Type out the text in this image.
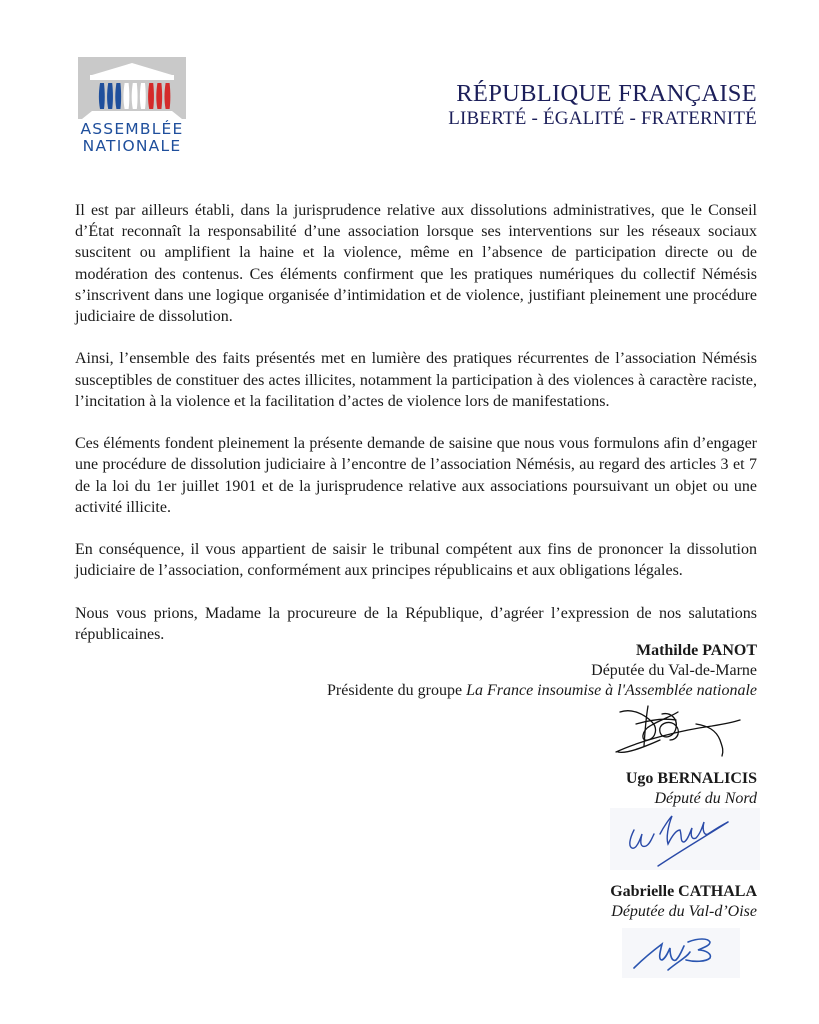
ASSEMBLÉE
NATIONALE
RÉPUBLIQUE FRANÇAISE
LIBERTÉ - ÉGALITÉ - FRATERNITÉ

Il est par ailleurs établi, dans la jurisprudence relative aux dissolutions administratives, que le Conseil d’État reconnaît la responsabilité d’une association lorsque ses interventions sur les réseaux sociaux suscitent ou amplifient la haine et la violence, même en l’absence de participation directe ou de modération des contenus. Ces éléments confirment que les pratiques numériques du collectif Némésis s’inscrivent dans une logique organisée d’intimidation et de violence, justifiant pleinement une procédure judiciaire de dissolution.

Ainsi, l’ensemble des faits présentés met en lumière des pratiques récurrentes de l’association Némésis susceptibles de constituer des actes illicites, notamment la participation à des violences à caractère raciste, l’incitation à la violence et la facilitation d’actes de violence lors de manifestations.

Ces éléments fondent pleinement la présente demande de saisine que nous vous formulons afin d’engager une procédure de dissolution judiciaire à l’encontre de l’association Némésis, au regard des articles 3 et 7 de la loi du 1er juillet 1901 et de la jurisprudence relative aux associations poursuivant un objet ou une activité illicite.

En conséquence, il vous appartient de saisir le tribunal compétent aux fins de prononcer la dissolution judiciaire de l’association, conformément aux principes républicains et aux obligations légales.

Nous vous prions, Madame la procureure de la République, d’agréer l’expression de nos salutations républicaines.

Mathilde PANOT
Députée du Val-de-Marne
Présidente du groupe La France insoumise à l'Assemblée nationale
Ugo BERNALICIS
Député du Nord
Gabrielle CATHALA
Députée du Val-d’Oise
